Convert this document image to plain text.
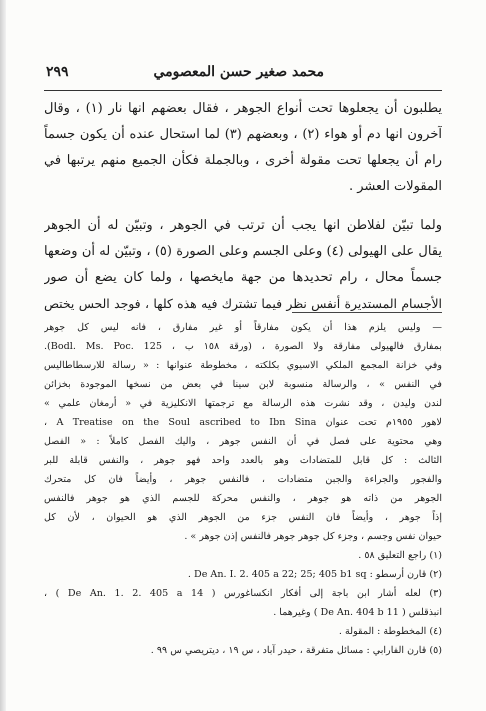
محمد صغير حسن المعصومي
٢٩٩
يطلبون أن يجعلوها تحت أنواع الجوهر ، فقال بعضهم انها نار (١) ، وقال
آخرون انها دم أو هواء (٢) ، وبعضهم (٣) لما استحال عنده أن يكون جسماً
رام أن يجعلها تحت مقولة أخرى ، وبالجملة فكأن الجميع منهم يرتبها في
المقولات العشر .
ولما تبيّن لفلاطن انها يجب أن ترتب في الجوهر ، وتبيّن له أن الجوهر
يقال على الهيولى (٤) وعلى الجسم وعلى الصورة (٥) ، وتبيّن له أن وضعها
جسماً محال ، رام تحديدها من جهة مايخصها ، ولما كان يضع أن صور
الأجسام المستديرة أنفس نظر فيما تشترك فيه هذه كلها ، فوجد الحس يختص
— وليس يلزم هذا أن يكون مفارقاً أو غير مفارق ، فانه ليس كل جوهر
بمفارق فالهيولى مفارقة ولا الصورة ، (ورقة ١٥٨ ب ، Bodl. Ms. Poc. 125).
وفي خزانة المجمع الملكي الاسيوي بكلكته ، مخطوطة عنوانها : « رسالة للارسطاطاليس
في النفس » ، والرسالة منسوبة لابن سينا في بعض من نسخها الموجودة بخزائن
لندن وليدن ، وقد نشرت هذه الرسالة مع ترجمتها الانكليزية في « أرمغان علمي »
لاهور ١٩٥٥م تحت عنوان A Treatise on the Soul ascribed to Ibn Sina ،
وهي محتوية على فصل في أن النفس جوهر ، واليك الفصل كاملاً : « الفصل
الثالث : كل قابل للمتضادات وهو بالعدد واحد فهو جوهر ، والنفس قابلة للبر
والفجور والجراءة والجبن متضادات ، فالنفس جوهر ، وأيضاً فان كل متحرك
الجوهر من ذاته هو جوهر ، والنفس محركة للجسم الذي هو جوهر فالنفس
إذاً جوهر ، وأيضاً فان النفس جزء من الجوهر الذي هو الحيوان ، لأن كل
حيوان نفس وجسم ، وجزء كل جوهر جوهر فالنفس إذن جوهر » .
(١) راجع التعليق ٥٨ .
(٢) قارن أرسطو : De An. I. 2. 405 a 22; 25; 405 b1 sq .
(٣) لعله أشار ابن باجة إلى أفكار انكساغورس ( De An. 1. 2. 405 a 14 ) ،
انبذقلس ( De An. 404 b 11 ) وغيرهما .
(٤) المخطوطة : المقولة .
(٥) قارن الفارابي : مسائل متفرقة ، حيدر آباد ، س ١٩ ، ديتريصي س ٩٩ .
